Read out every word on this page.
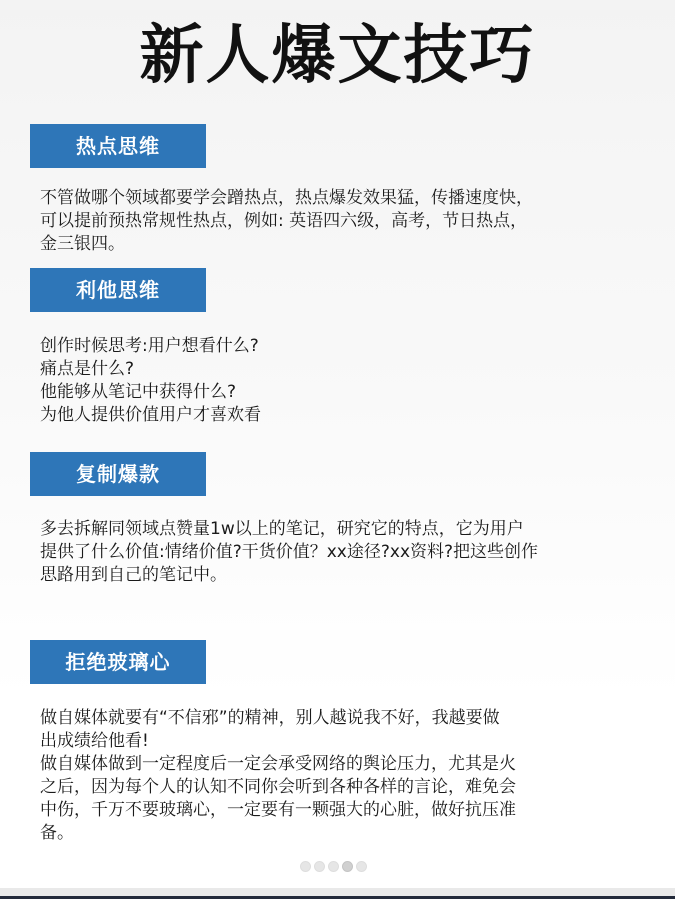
新人爆文技巧
热点思维
不管做哪个领域都要学会蹭热点，热点爆发效果猛，传播速度快，
可以提前预热常规性热点，例如: 英语四六级，高考，节日热点，
金三银四。
利他思维
创作时候思考:用户想看什么?
痛点是什么?
他能够从笔记中获得什么?
为他人提供价值用户才喜欢看
复制爆款
多去拆解同领域点赞量1w以上的笔记，研究它的特点，它为用户
提供了什么价值:情绪价值?干货价值？xx途径?xx资料?把这些创作
思路用到自己的笔记中。
拒绝玻璃心
做自媒体就要有“不信邪”的精神，别人越说我不好，我越要做
出成绩给他看!
做自媒体做到一定程度后一定会承受网络的舆论压力，尤其是火
之后，因为每个人的认知不同你会听到各种各样的言论，难免会
中伤，千万不要玻璃心，一定要有一颗强大的心脏，做好抗压准
备。
